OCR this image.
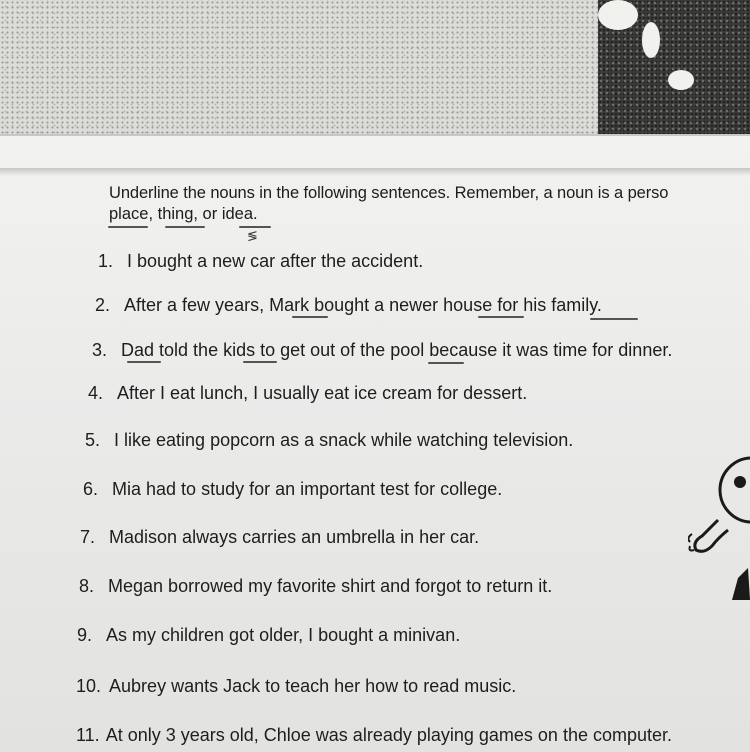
Underline the nouns in the following sentences. Remember, a noun is a perso
place, thing, or idea.
≶
1. I bought a new car after the accident.
2. After a few years, Mark bought a newer house for his family.
3. Dad told the kids to get out of the pool because it was time for dinner.
4. After I eat lunch, I usually eat ice cream for dessert.
5. I like eating popcorn as a snack while watching television.
6. Mia had to study for an important test for college.
7. Madison always carries an umbrella in her car.
8. Megan borrowed my favorite shirt and forgot to return it.
9. As my children got older, I bought a minivan.
10. Aubrey wants Jack to teach her how to read music.
11. At only 3 years old, Chloe was already playing games on the computer.
